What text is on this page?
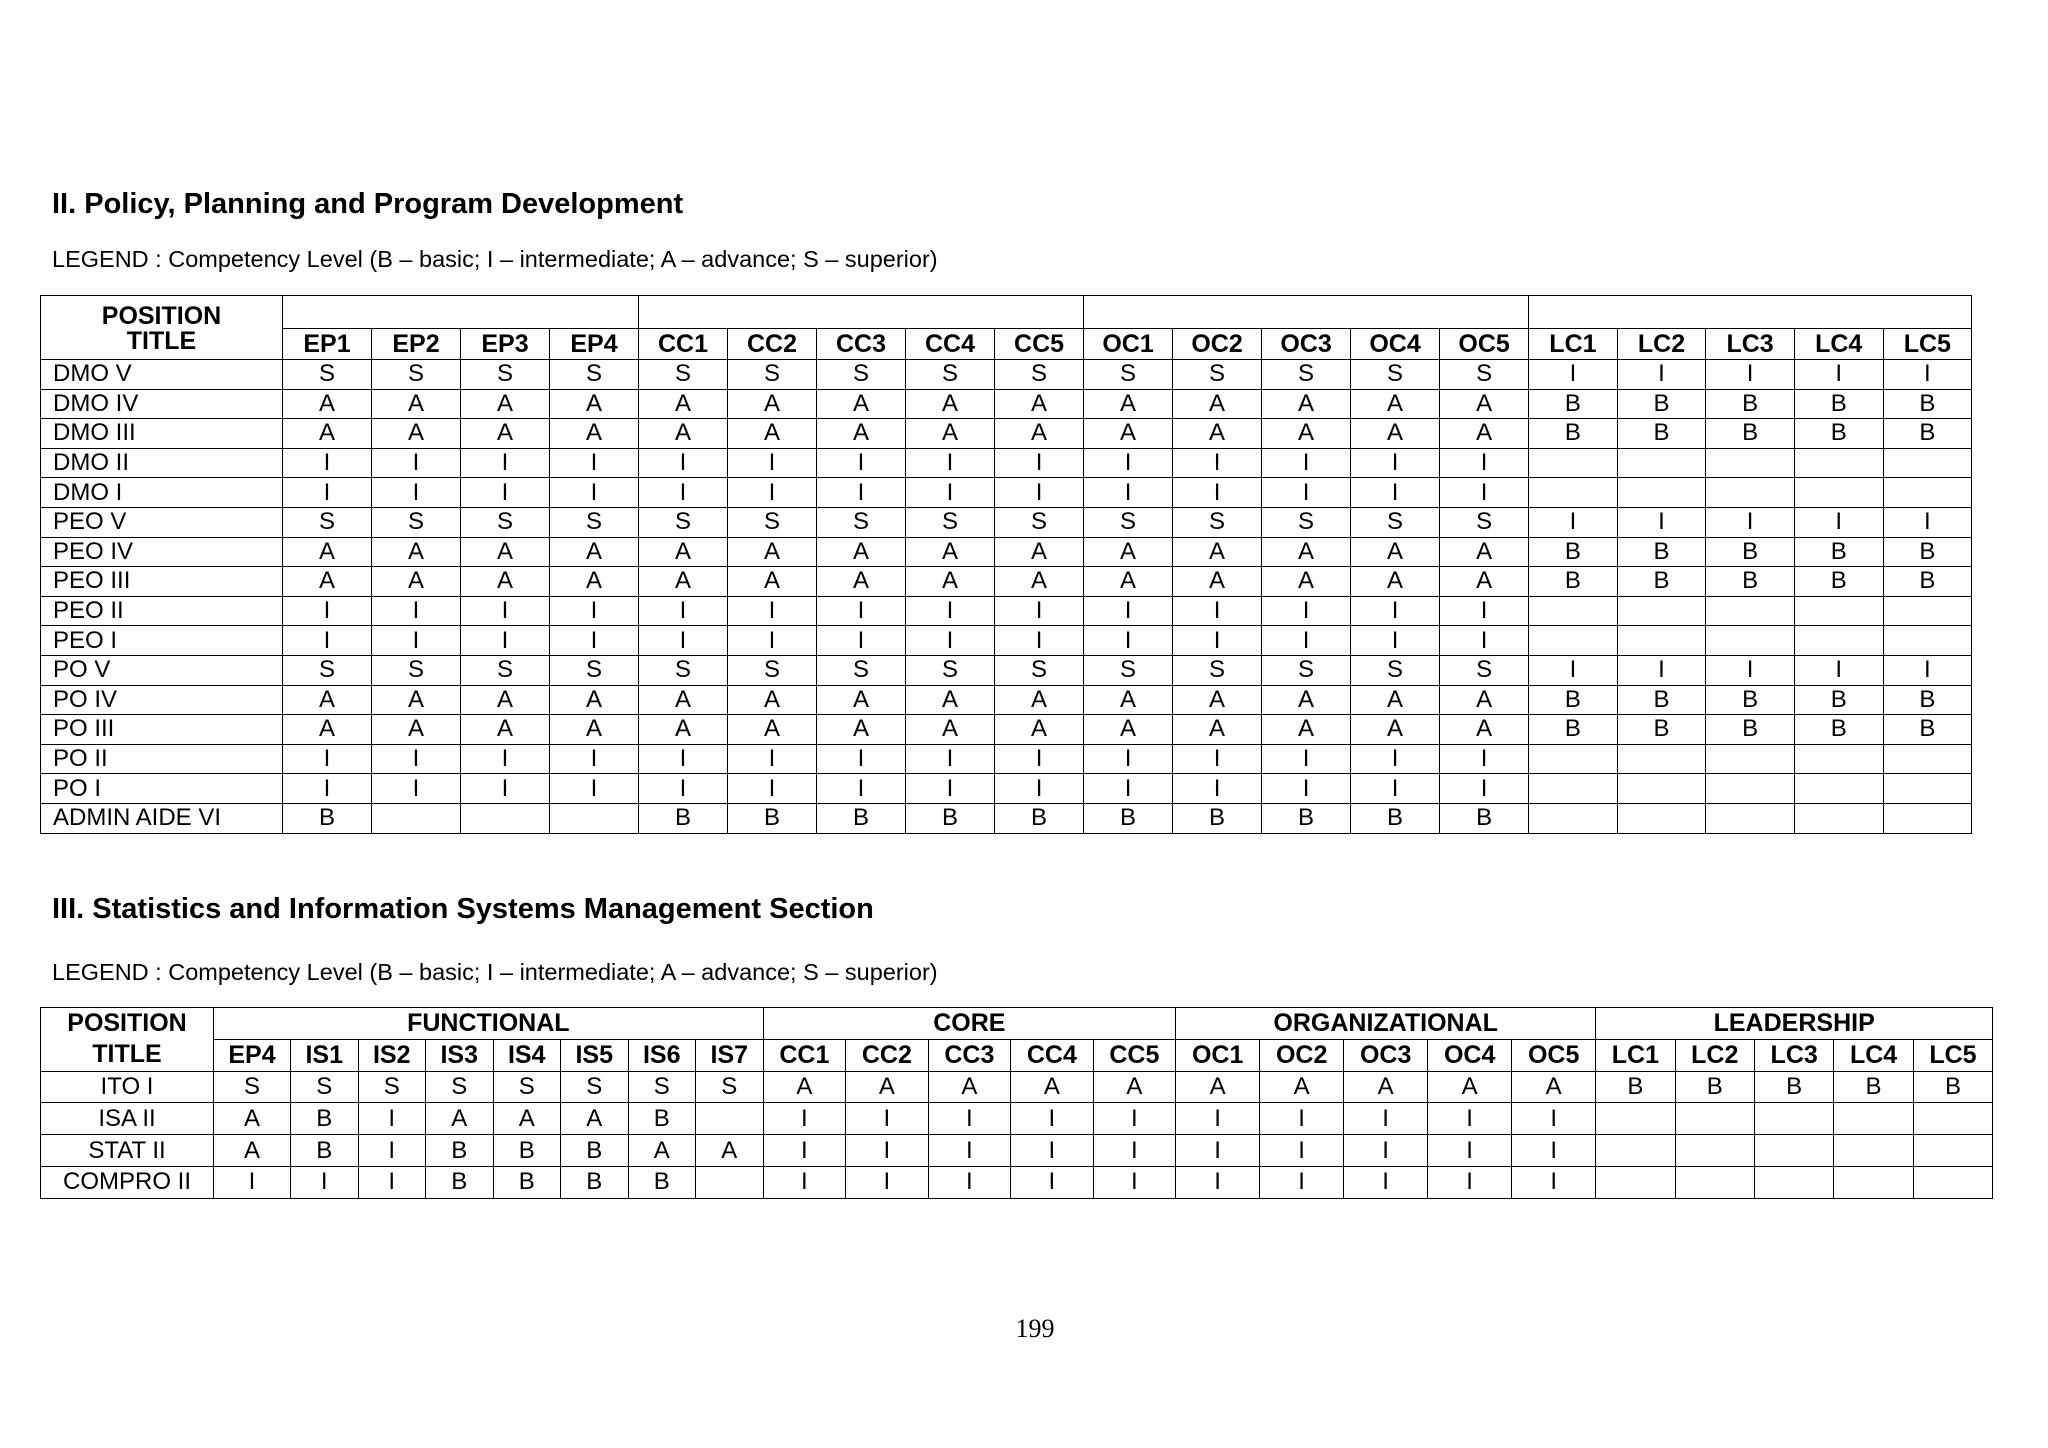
II. Policy, Planning and Program Development

LEGEND : Competency Level (B – basic; I – intermediate; A – advance; S – superior)

POSITION																			
TITLE	EP1	EP2	EP3	EP4	CC1	CC2	CC3	CC4	CC5	OC1	OC2	OC3	OC4	OC5	LC1	LC2	LC3	LC4	LC5
DMO V	S	S	S	S	S	S	S	S	S	S	S	S	S	S	I	I	I	I	I
DMO IV	A	A	A	A	A	A	A	A	A	A	A	A	A	A	B	B	B	B	B
DMO III	A	A	A	A	A	A	A	A	A	A	A	A	A	A	B	B	B	B	B
DMO II	I	I	I	I	I	I	I	I	I	I	I	I	I	I					
DMO I	I	I	I	I	I	I	I	I	I	I	I	I	I	I					
PEO V	S	S	S	S	S	S	S	S	S	S	S	S	S	S	I	I	I	I	I
PEO IV	A	A	A	A	A	A	A	A	A	A	A	A	A	A	B	B	B	B	B
PEO III	A	A	A	A	A	A	A	A	A	A	A	A	A	A	B	B	B	B	B
PEO II	I	I	I	I	I	I	I	I	I	I	I	I	I	I					
PEO I	I	I	I	I	I	I	I	I	I	I	I	I	I	I					
PO V	S	S	S	S	S	S	S	S	S	S	S	S	S	S	I	I	I	I	I
PO IV	A	A	A	A	A	A	A	A	A	A	A	A	A	A	B	B	B	B	B
PO III	A	A	A	A	A	A	A	A	A	A	A	A	A	A	B	B	B	B	B
PO II	I	I	I	I	I	I	I	I	I	I	I	I	I	I					
PO I	I	I	I	I	I	I	I	I	I	I	I	I	I	I					
ADMIN AIDE VI	B				B	B	B	B	B	B	B	B	B	B					
III. Statistics and Information Systems Management Section

LEGEND : Competency Level (B – basic; I – intermediate; A – advance; S – superior)

POSITION	FUNCTIONAL								CORE					ORGANIZATIONAL					LEADERSHIP				
TITLE	EP4	IS1	IS2	IS3	IS4	IS5	IS6	IS7	CC1	CC2	CC3	CC4	CC5	OC1	OC2	OC3	OC4	OC5	LC1	LC2	LC3	LC4	LC5
ITO I	S	S	S	S	S	S	S	S	A	A	A	A	A	A	A	A	A	A	B	B	B	B	B
ISA II	A	B	I	A	A	A	B		I	I	I	I	I	I	I	I	I	I					
STAT II	A	B	I	B	B	B	A	A	I	I	I	I	I	I	I	I	I	I					
COMPRO II	I	I	I	B	B	B	B		I	I	I	I	I	I	I	I	I	I					
199
